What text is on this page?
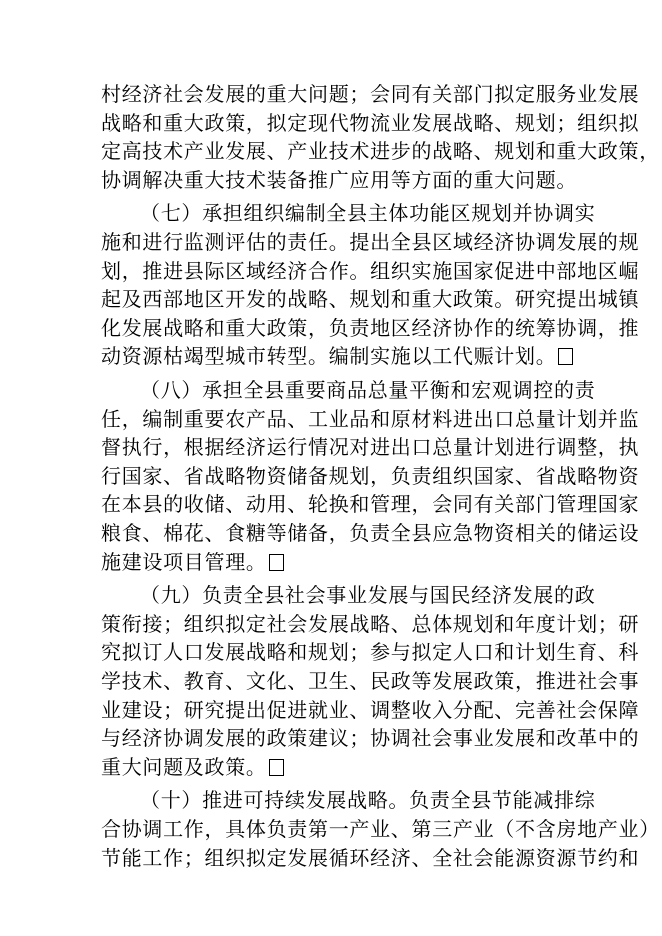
村经济社会发展的重大问题；会同有关部门拟定服务业发展
战略和重大政策，拟定现代物流业发展战略、规划；组织拟
定高技术产业发展、产业技术进步的战略、规划和重大政策，
协调解决重大技术装备推广应用等方面的重大问题。
（七）承担组织编制全县主体功能区规划并协调实
施和进行监测评估的责任。提出全县区域经济协调发展的规
划，推进县际区域经济合作。组织实施国家促进中部地区崛
起及西部地区开发的战略、规划和重大政策。研究提出城镇
化发展战略和重大政策，负责地区经济协作的统筹协调，推
动资源枯竭型城市转型。编制实施以工代赈计划。
（八）承担全县重要商品总量平衡和宏观调控的责
任，编制重要农产品、工业品和原材料进出口总量计划并监
督执行，根据经济运行情况对进出口总量计划进行调整，执
行国家、省战略物资储备规划，负责组织国家、省战略物资
在本县的收储、动用、轮换和管理，会同有关部门管理国家
粮食、棉花、食糖等储备，负责全县应急物资相关的储运设
施建设项目管理。
（九）负责全县社会事业发展与国民经济发展的政
策衔接；组织拟定社会发展战略、总体规划和年度计划；研
究拟订人口发展战略和规划；参与拟定人口和计划生育、科
学技术、教育、文化、卫生、民政等发展政策，推进社会事
业建设；研究提出促进就业、调整收入分配、完善社会保障
与经济协调发展的政策建议；协调社会事业发展和改革中的
重大问题及政策。
（十）推进可持续发展战略。负责全县节能减排综
合协调工作，具体负责第一产业、第三产业（不含房地产业）
节能工作；组织拟定发展循环经济、全社会能源资源节约和
